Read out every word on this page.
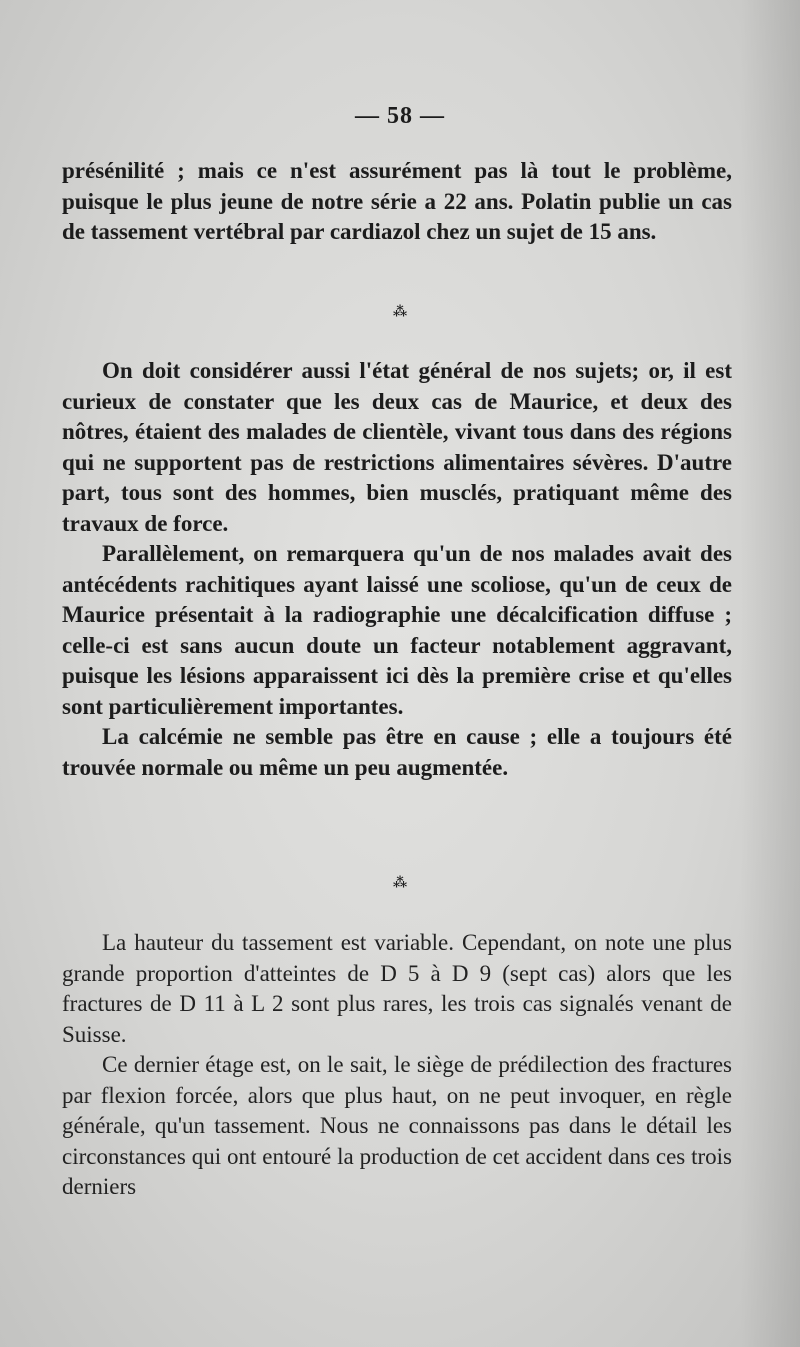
— 58 —

présénilité ; mais ce n'est assurément pas là tout le problème, puisque le plus jeune de notre série a 22 ans. Polatin publie un cas de tassement vertébral par cardiazol chez un sujet de 15 ans.

⁂

On doit considérer aussi l'état général de nos sujets; or, il est curieux de constater que les deux cas de Maurice, et deux des nôtres, étaient des malades de clientèle, vivant tous dans des régions qui ne supportent pas de restrictions alimentaires sévères. D'autre part, tous sont des hommes, bien musclés, pratiquant même des travaux de force.

Parallèlement, on remarquera qu'un de nos malades avait des antécédents rachitiques ayant laissé une scoliose, qu'un de ceux de Maurice présentait à la radiographie une décalcification diffuse ; celle-ci est sans aucun doute un facteur notablement aggravant, puisque les lésions apparaissent ici dès la première crise et qu'elles sont particulièrement importantes.

La calcémie ne semble pas être en cause ; elle a toujours été trouvée normale ou même un peu augmentée.

⁂

La hauteur du tassement est variable. Cependant, on note une plus grande proportion d'atteintes de D 5 à D 9 (sept cas) alors que les fractures de D 11 à L 2 sont plus rares, les trois cas signalés venant de Suisse.

Ce dernier étage est, on le sait, le siège de prédilection des fractures par flexion forcée, alors que plus haut, on ne peut invoquer, en règle générale, qu'un tassement. Nous ne connaissons pas dans le détail les circonstances qui ont entouré la production de cet accident dans ces trois derniers
